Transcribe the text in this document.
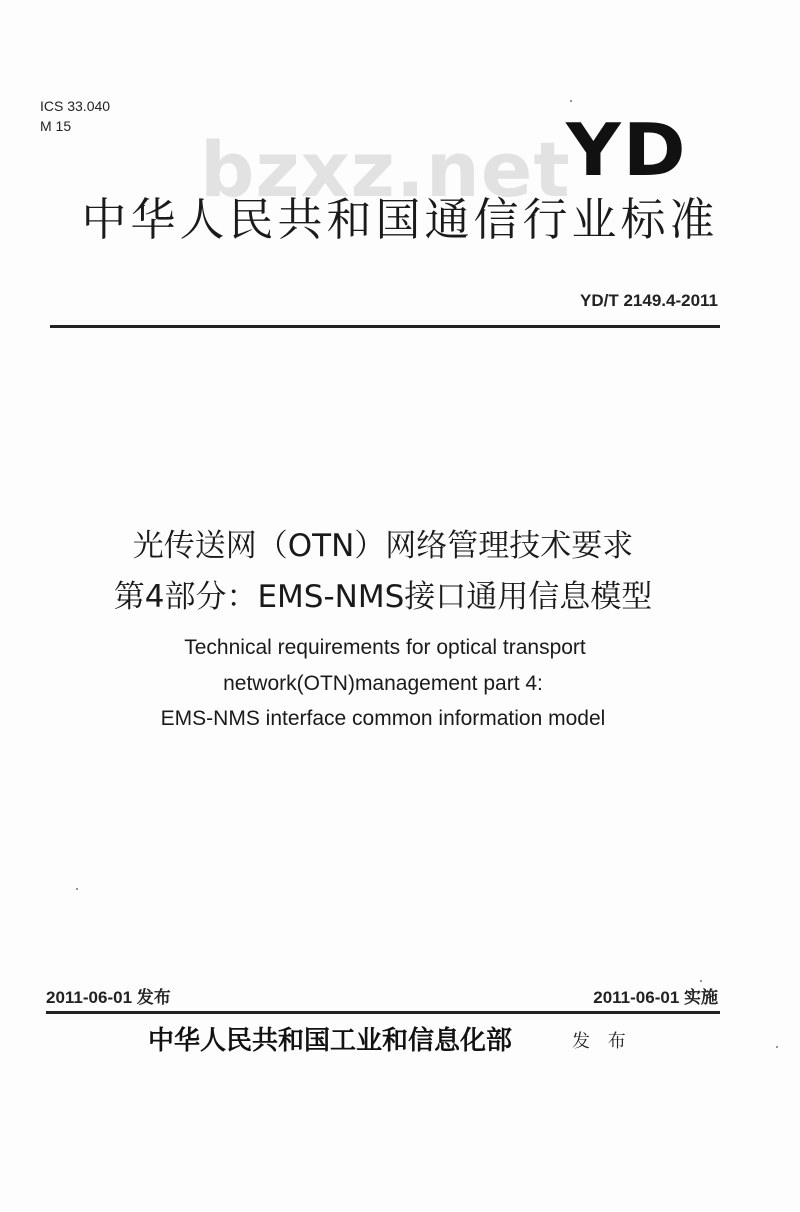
ICS 33.040
M 15	bzxz.net
YD
中华人民共和国通信行业标准
YD/T 2149.4-2011
光传送网（OTN）网络管理技术要求
第4部分：EMS-NMS接口通用信息模型
Technical requirements for optical transport
network(OTN)management part 4:
EMS-NMS interface common information model
2011-06-01 发布	2011-06-01 实施
中华人民共和国工业和信息化部	发 布
